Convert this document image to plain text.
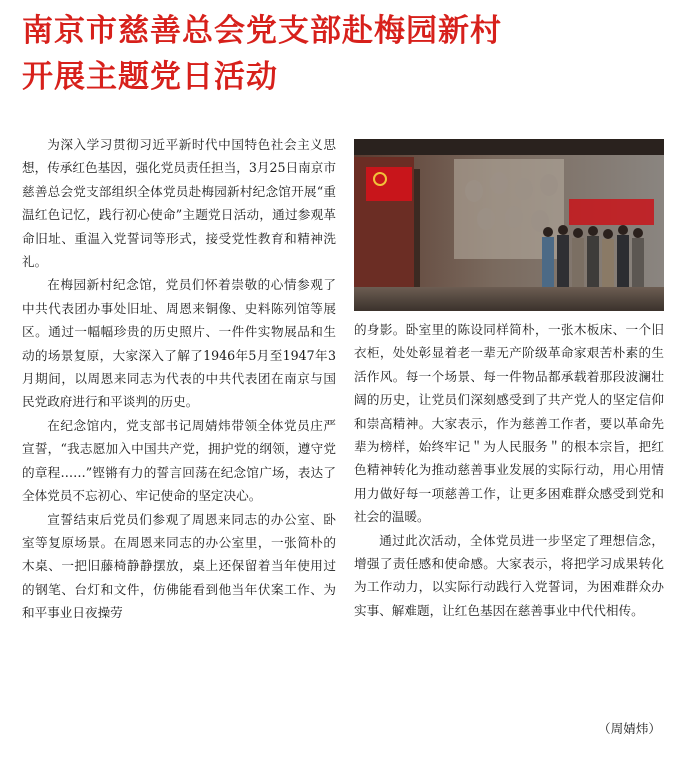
南京市慈善总会党支部赴梅园新村
开展主题党日活动

为深入学习贯彻习近平新时代中国特色社会主义思想，传承红色基因，强化党员责任担当，3月25日南京市慈善总会党支部组织全体党员赴梅园新村纪念馆开展“重温红色记忆，践行初心使命”主题党日活动，通过参观革命旧址、重温入党誓词等形式，接受党性教育和精神洗礼。

在梅园新村纪念馆，党员们怀着崇敬的心情参观了中共代表团办事处旧址、周恩来铜像、史料陈列馆等展区。通过一幅幅珍贵的历史照片、一件件实物展品和生动的场景复原，大家深入了解了1946年5月至1947年3月期间，以周恩来同志为代表的中共代表团在南京与国民党政府进行和平谈判的历史。

在纪念馆内，党支部书记周婧炜带领全体党员庄严宣誓，“我志愿加入中国共产党，拥护党的纲领，遵守党的章程……”铿锵有力的誓言回荡在纪念馆广场，表达了全体党员不忘初心、牢记使命的坚定决心。

宣誓结束后党员们参观了周恩来同志的办公室、卧室等复原场景。在周恩来同志的办公室里，一张简朴的木桌、一把旧藤椅静静摆放，桌上还保留着当年使用过的钢笔、台灯和文件，仿佛能看到他当年伏案工作、为和平事业日夜操劳

的身影。卧室里的陈设同样简朴，一张木板床、一个旧衣柜，处处彰显着老一辈无产阶级革命家艰苦朴素的生活作风。每一个场景、每一件物品都承载着那段波澜壮阔的历史，让党员们深刻感受到了共产党人的坚定信仰和崇高精神。大家表示，作为慈善工作者，要以革命先辈为榜样，始终牢记＂为人民服务＂的根本宗旨，把红色精神转化为推动慈善事业发展的实际行动，用心用情用力做好每一项慈善工作，让更多困难群众感受到党和社会的温暖。

通过此次活动，全体党员进一步坚定了理想信念，增强了责任感和使命感。大家表示，将把学习成果转化为工作动力，以实际行动践行入党誓词，为困难群众办实事、解难题，让红色基因在慈善事业中代代相传。

（周婧炜）
